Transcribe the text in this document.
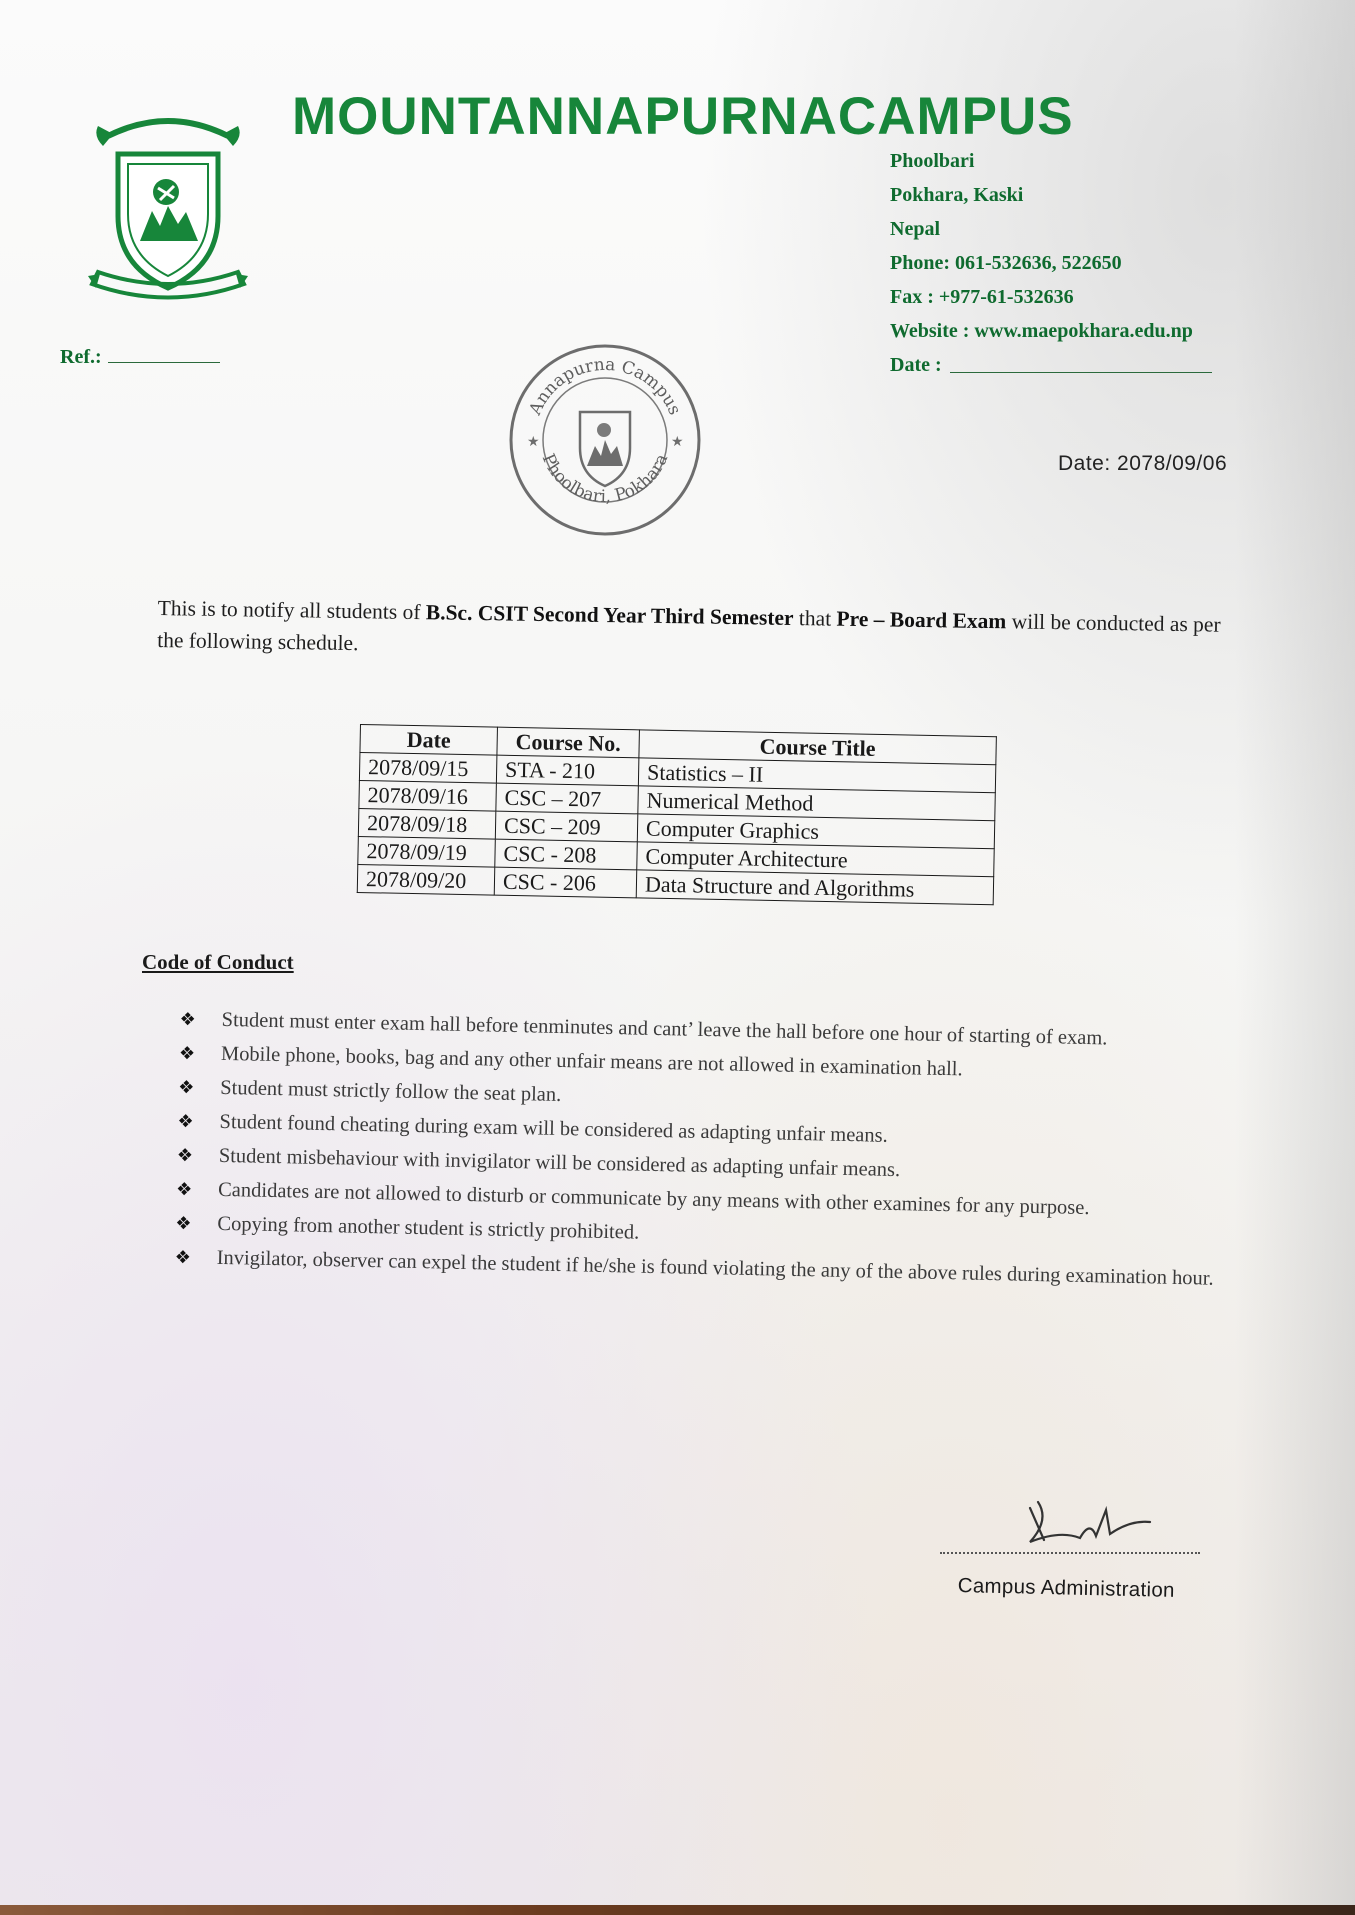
MOUNTANNAPURNACAMPUS
Phoolbari
Pokhara, Kaski
Nepal
Phone: 061-532636, 522650
Fax : +977-61-532636
Website : www.maepokhara.edu.np
Date :
Ref.:
Annapurna Campus
Phoolbari, Pokhara
★	★
Date: 2078/09/06
This is to notify all students of B.Sc. CSIT Second Year Third Semester that Pre – Board Exam will be conducted as per the following schedule.
Date	Course No.	Course Title
2078/09/15	STA - 210	Statistics – II
2078/09/16	CSC – 207	Numerical Method
2078/09/18	CSC – 209	Computer Graphics
2078/09/19	CSC - 208	Computer Architecture
2078/09/20	CSC - 206	Data Structure and Algorithms
Code of Conduct
❖ Student must enter exam hall before tenminutes and cant’ leave the hall before one hour of starting of exam.
❖ Mobile phone, books, bag and any other unfair means are not allowed in examination hall.
❖ Student must strictly follow the seat plan.
❖ Student found cheating during exam will be considered as adapting unfair means.
❖ Student misbehaviour with invigilator will be considered as adapting unfair means.
❖ Candidates are not allowed to disturb or communicate by any means with other examines for any purpose.
❖ Copying from another student is strictly prohibited.
❖ Invigilator, observer can expel the student if he/she is found violating the any of the above rules during examination hour.
Campus Administration
